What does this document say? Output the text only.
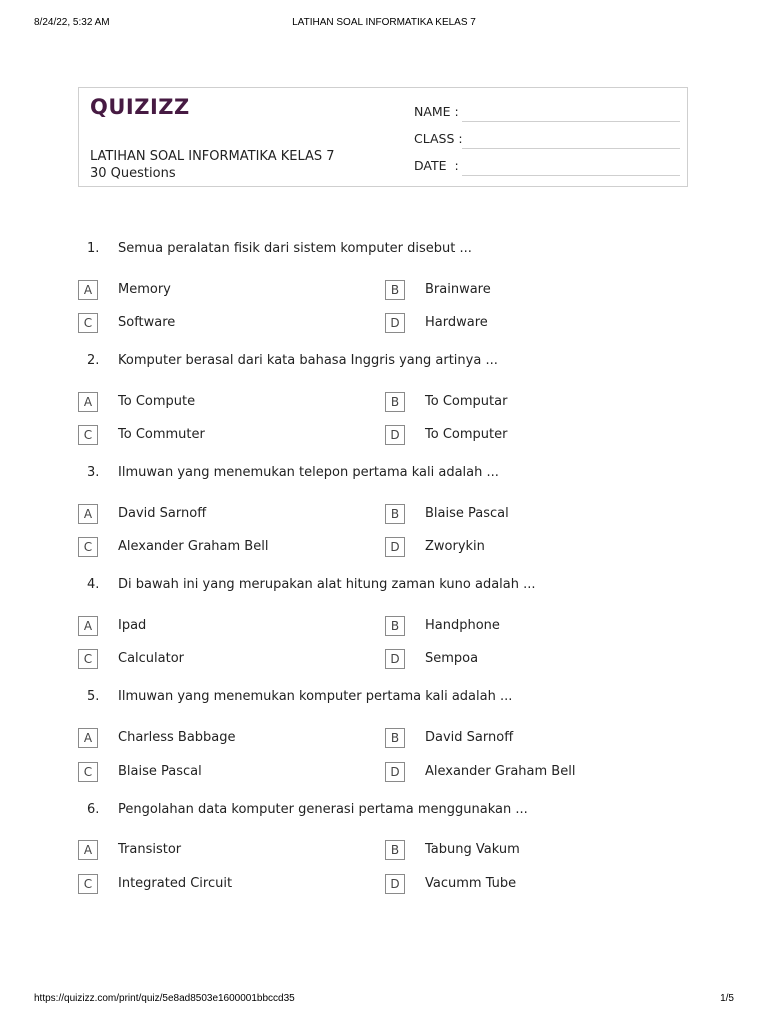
8/24/22, 5:32 AM	LATIHAN SOAL INFORMATIKA KELAS 7
QUIZIZZ
LATIHAN SOAL INFORMATIKA KELAS 7
30 Questions
NAME :
CLASS :
DATE  :
1. Semua peralatan fisik dari sistem komputer disebut ...
A	Memory	B	Brainware
C	Software	D	Hardware
2. Komputer berasal dari kata bahasa Inggris yang artinya ...
A	To Compute	B	To Computar
C	To Commuter	D	To Computer
3. Ilmuwan yang menemukan telepon pertama kali adalah ...
A	David Sarnoff	B	Blaise Pascal
C	Alexander Graham Bell	D	Zworykin
4. Di bawah ini yang merupakan alat hitung zaman kuno adalah ...
A	Ipad	B	Handphone
C	Calculator	D	Sempoa
5. Ilmuwan yang menemukan komputer pertama kali adalah ...
A	Charless Babbage	B	David Sarnoff
C	Blaise Pascal	D	Alexander Graham Bell
6. Pengolahan data komputer generasi pertama menggunakan ...
A	Transistor	B	Tabung Vakum
C	Integrated Circuit	D	Vacumm Tube
https://quizizz.com/print/quiz/5e8ad8503e1600001bbccd35	1/5
